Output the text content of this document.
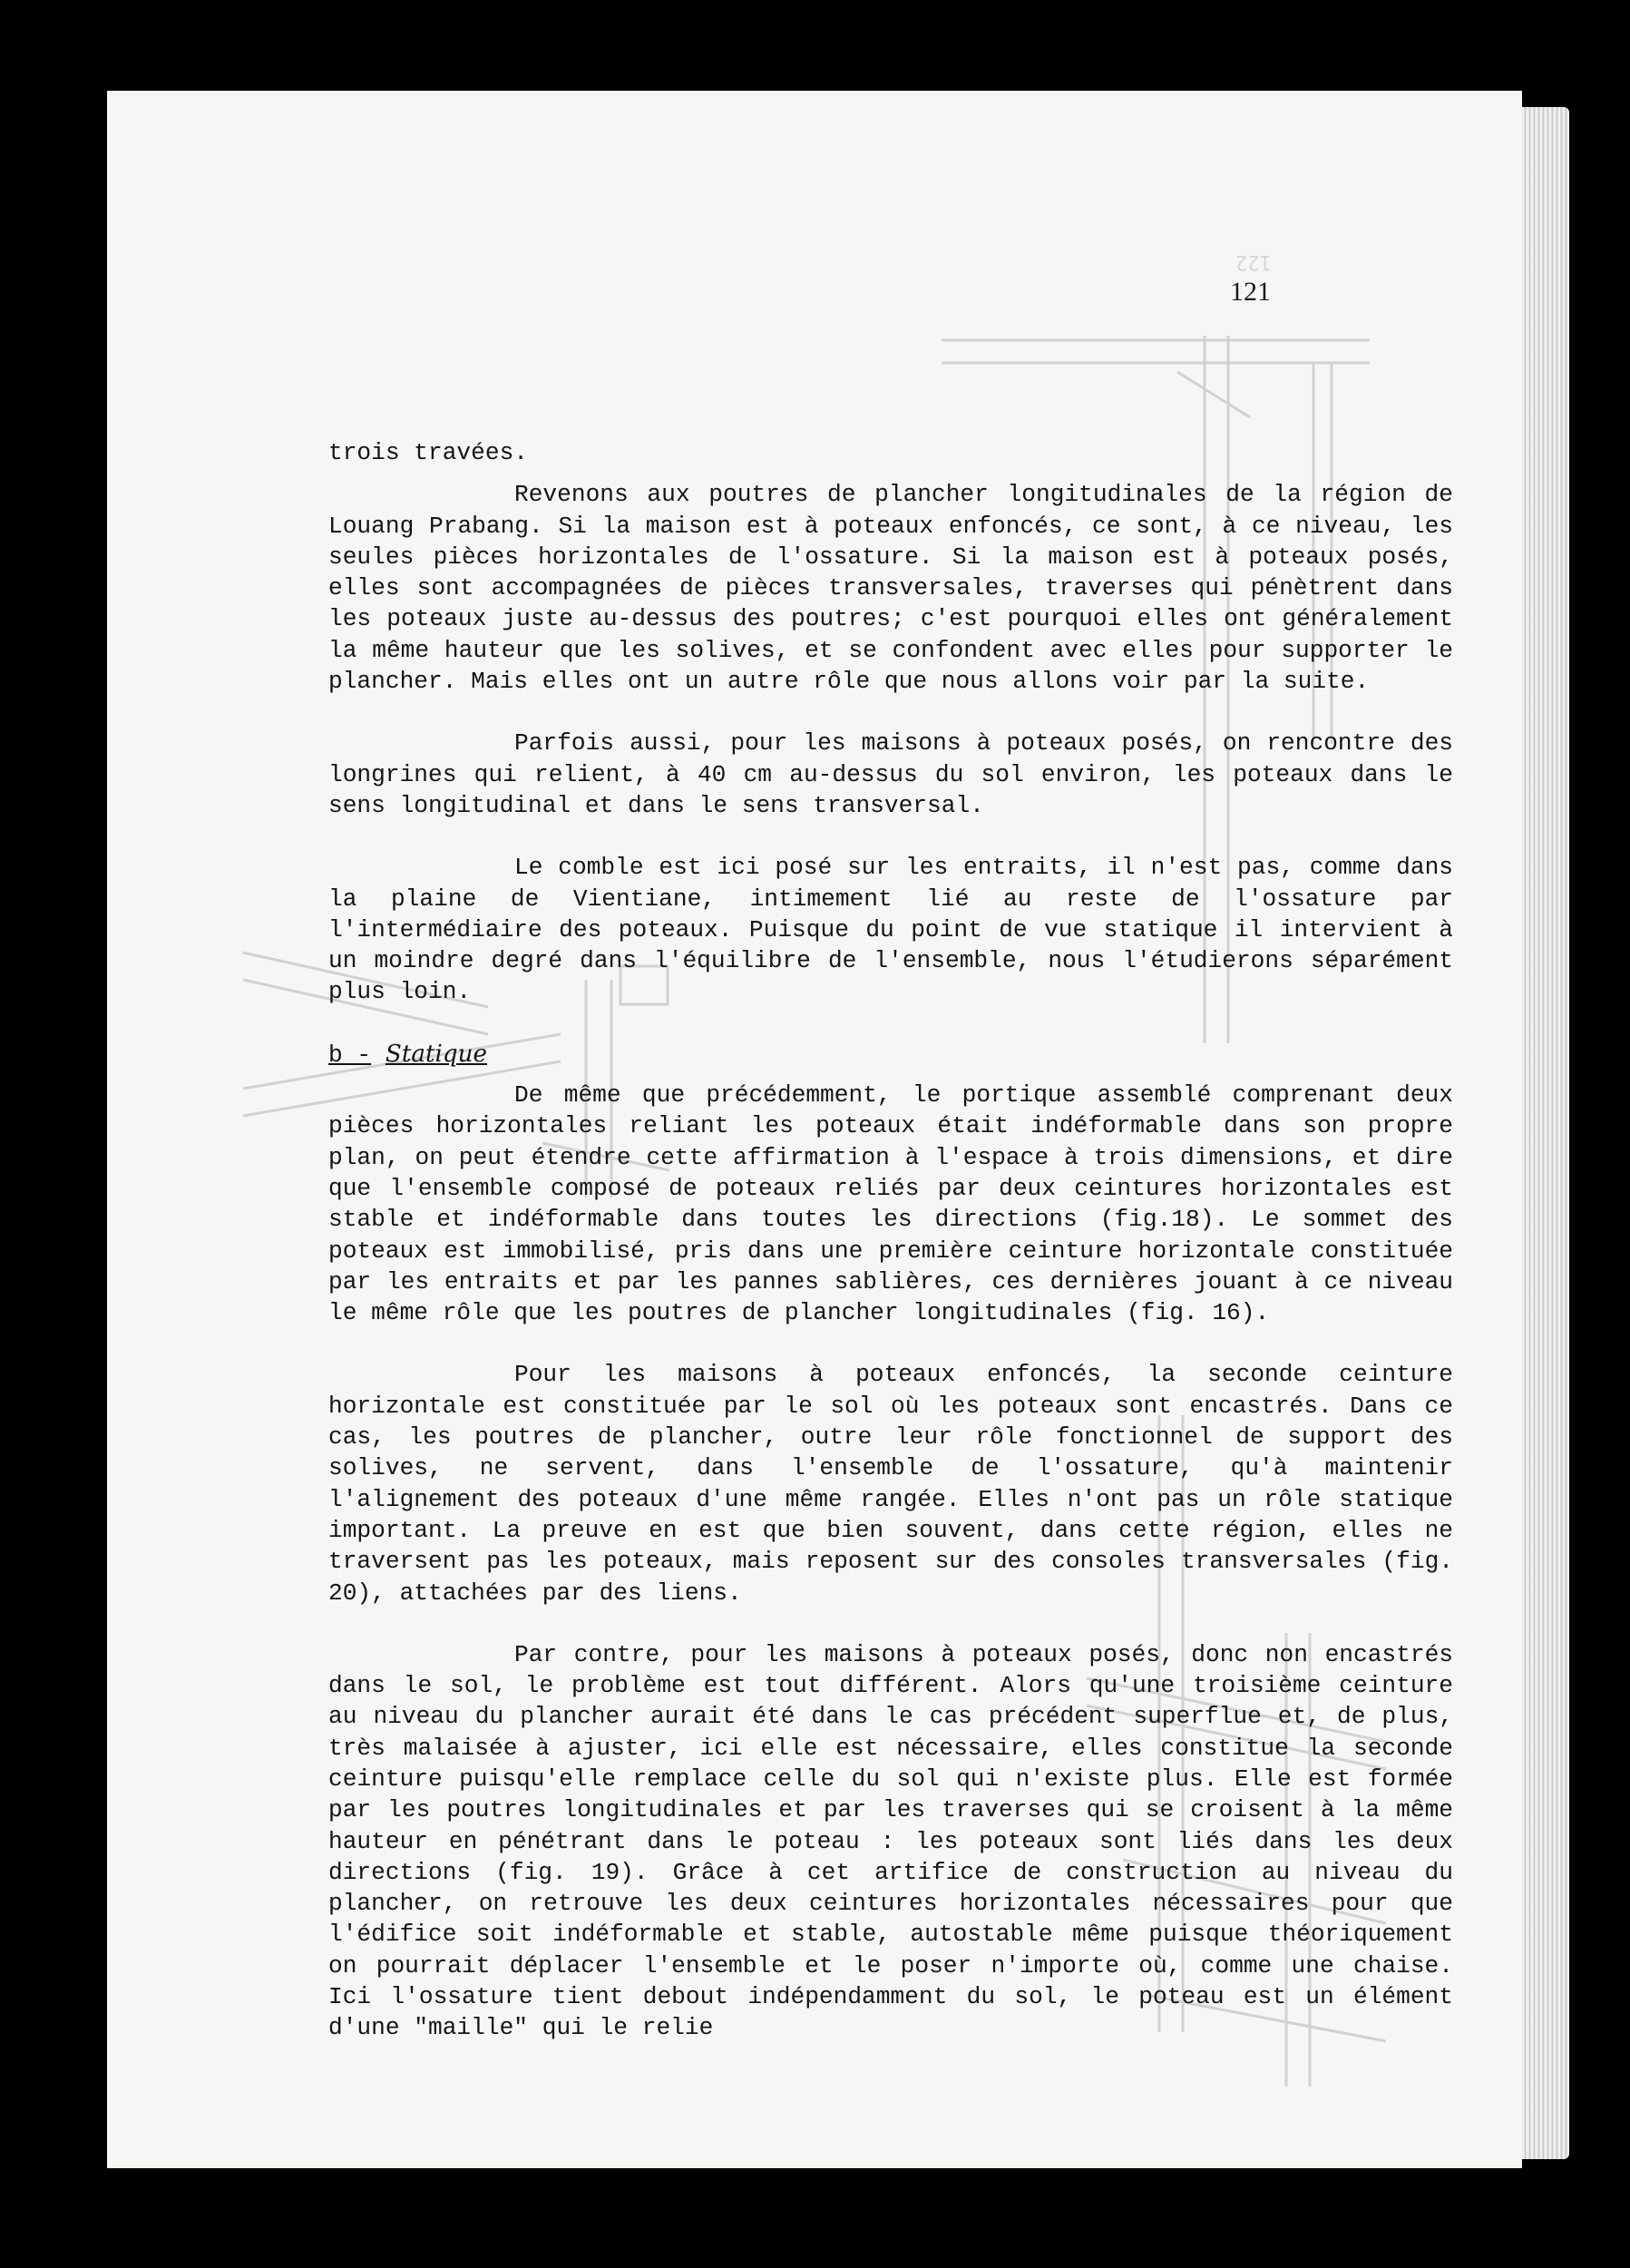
122
121

trois travées.

Revenons aux poutres de plancher longitudinales de la région de Louang Prabang. Si la maison est à poteaux enfoncés, ce sont, à ce niveau, les seules pièces horizontales de l'ossature. Si la maison est à poteaux posés, elles sont accompagnées de pièces transversales, traverses qui pénètrent dans les poteaux juste au-dessus des poutres; c'est pourquoi elles ont généralement la même hauteur que les solives, et se confondent avec elles pour supporter le plancher. Mais elles ont un autre rôle que nous allons voir par la suite.

Parfois aussi, pour les maisons à poteaux posés, on rencontre des longrines qui relient, à 40 cm au-dessus du sol environ, les poteaux dans le sens longitudinal et dans le sens transversal.

Le comble est ici posé sur les entraits, il n'est pas, comme dans la plaine de Vientiane, intimement lié au reste de l'ossature par l'intermédiaire des poteaux. Puisque du point de vue statique il intervient à un moindre degré dans l'équilibre de l'ensemble, nous l'étudierons séparément plus loin.

b - Statique

De même que précédemment, le portique assemblé comprenant deux pièces horizontales reliant les poteaux était indéformable dans son propre plan, on peut étendre cette affirmation à l'espace à trois dimensions, et dire que l'ensemble composé de poteaux reliés par deux ceintures horizontales est stable et indéformable dans toutes les directions (fig.18). Le sommet des poteaux est immobilisé, pris dans une première ceinture horizontale constituée par les entraits et par les pannes sablières, ces dernières jouant à ce niveau le même rôle que les poutres de plancher longitudinales (fig. 16).

Pour les maisons à poteaux enfoncés, la seconde ceinture horizontale est constituée par le sol où les poteaux sont encastrés. Dans ce cas, les poutres de plancher, outre leur rôle fonctionnel de support des solives, ne servent, dans l'ensemble de l'ossature, qu'à maintenir l'alignement des poteaux d'une même rangée. Elles n'ont pas un rôle statique important. La preuve en est que bien souvent, dans cette région, elles ne traversent pas les poteaux, mais reposent sur des consoles transversales (fig. 20), attachées par des liens.

Par contre, pour les maisons à poteaux posés, donc non encastrés dans le sol, le problème est tout différent. Alors qu'une troisième ceinture au niveau du plancher aurait été dans le cas précédent superflue et, de plus, très malaisée à ajuster, ici elle est nécessaire, elles constitue la seconde ceinture puisqu'elle remplace celle du sol qui n'existe plus. Elle est formée par les poutres longitudinales et par les traverses qui se croisent à la même hauteur en pénétrant dans le poteau : les poteaux sont liés dans les deux directions (fig. 19). Grâce à cet artifice de construction au niveau du plancher, on retrouve les deux ceintures horizontales nécessaires pour que l'édifice soit indéformable et stable, autostable même puisque théoriquement on pourrait déplacer l'ensemble et le poser n'importe où, comme une chaise. Ici l'ossature tient debout indépendamment du sol, le poteau est un élément d'une "maille" qui le relie
